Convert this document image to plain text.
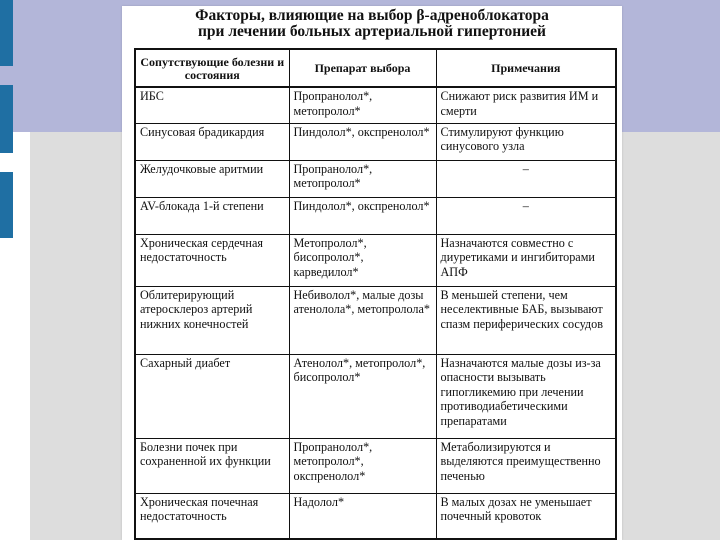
Факторы, влияющие на выбор β-адреноблокатора
при лечении больных артериальной гипертонией
Сопутствующие болезни и состояния	Препарат выбора	Примечания
ИБС	Пропранолол*, метопролол*	Снижают риск развития ИМ и смерти
Синусовая брадикардия	Пиндолол*, окспренолол*	Стимулируют функцию синусового узла
Желудочковые аритмии	Пропранолол*, метопролол*	–
AV-блокада 1-й степени	Пиндолол*, окспренолол*	–
Хроническая сердечная недостаточность	Метопролол*, бисопролол*, карведилол*	Назначаются совместно с диуретиками и ингибиторами АПФ
Облитерирующий атеросклероз артерий нижних конечностей	Небиволол*, малые дозы атенолола*, метопролола*	В меньшей степени, чем неселективные БАБ, вызывают спазм периферических сосудов
Сахарный диабет	Атенолол*, метопролол*, бисопролол*	Назначаются малые дозы из-за опасности вызывать гипогликемию при лечении противодиабетическими препаратами
Болезни почек при сохраненной их функции	Пропранолол*, метопролол*, окспренолол*	Метаболизируются и выделяются преимущественно печенью
Хроническая почечная недостаточность	Надолол*	В малых дозах не уменьшает почечный кровоток
